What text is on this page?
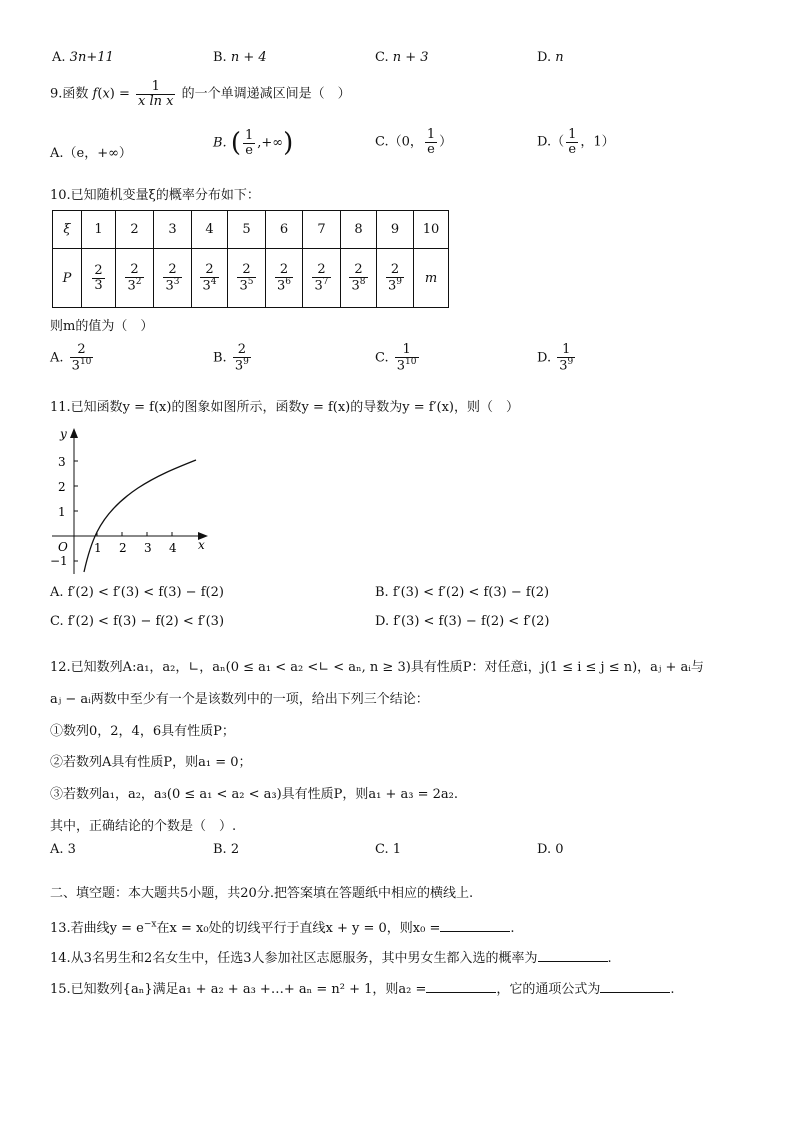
A. 3n+11	B. n + 4	C. n + 3	D. n
9.函数 $f(x) = \frac{1}{\text{x ln x}}$ 的一个单调递减区间是（　）
A.（e，+∞）
B. ( $\frac{1}{e}$ ,+∞)	C.（0， $\frac{1}{e}$ ）	$D.( \frac{1}{e}$ ，1）
10.已知随机变量ξ的概率分布如下：
ξ	1	2	3	4	5	6	7	8	9	10
P	$\frac{2}{3}$	$\frac{2}{3^2}$	$\frac{2}{3^3}$	$\frac{2}{3^4}$	$\frac{2}{3^5}$	$\frac{2}{3^6}$	$\frac{2}{3^7}$	$\frac{2}{3^8}$	$\frac{2}{3^9}$	m
则m的值为（　）
A. $\frac{2}{3^{10}}$	B. $\frac{2}{3^9}$	C. $\frac{1}{3^{10}}$	D. $\frac{1}{3^9}$
11.已知函数y = f(x)的图象如图所示，函数y = f(x)的导数为y = f′(x)，则（　）
1 2 3 4
3
2
1
−1
O	x
y
A. f′(2) < f′(3) < f(3) − f(2)	B. f′(3) < f′(2) < f(3) − f(2)
C. f′(2) < f(3) − f(2) < f′(3)	D. f′(3) < f(3) − f(2) < f′(2)
12.已知数列A:a₁，a₂，∟，aₙ(0 ≤ a₁ < a₂ <∟ < aₙ, n ≥ 3)具有性质P：对任意i，j(1 ≤ i ≤ j ≤ n)，aⱼ + aᵢ与
aⱼ − aᵢ两数中至少有一个是该数列中的一项，给出下列三个结论：
①数列0，2，4，6具有性质P；
②若数列A具有性质P，则a₁ = 0；
③若数列a₁，a₂，a₃(0 ≤ a₁ < a₂ < a₃)具有性质P，则a₁ + a₃ = 2a₂.
其中，正确结论的个数是（　）.
A. 3	B. 2	C. 1	D. 0
二、填空题：本大题共5小题，共20分.把答案填在答题纸中相应的横线上.
13.若曲线$y = e^{-x}$在x = x₀处的切线平行于直线x + y = 0，则x₀ =	.
14.从3名男生和2名女生中，任选3人参加社区志愿服务，其中男女生都入选的概率为	.
15.已知数列{aₙ}满足a₁ + a₂ + a₃ +…+ aₙ = n² + 1，则a₂ =	，它的通项公式为	.
